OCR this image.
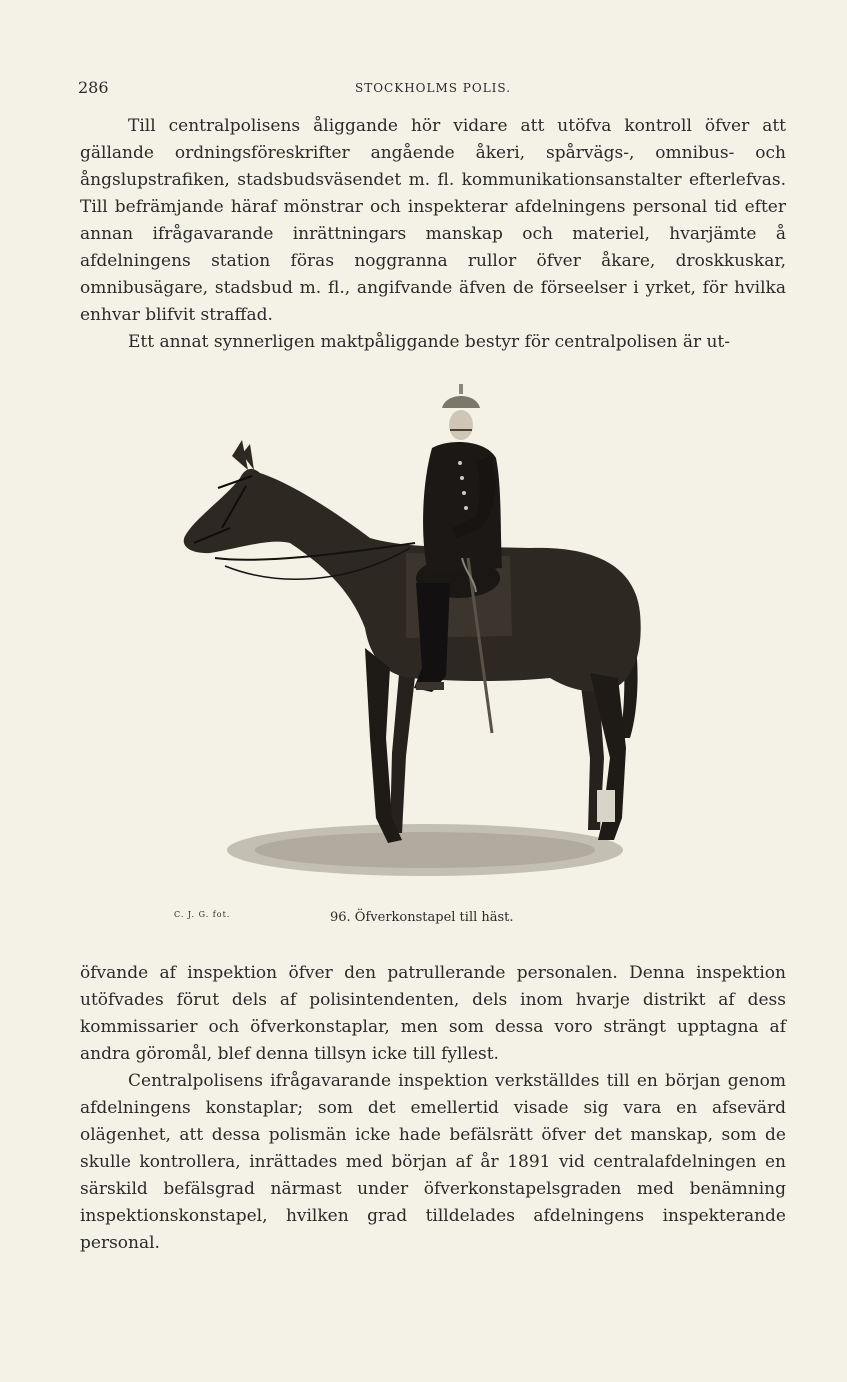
286	STOCKHOLMS POLIS.

Till centralpolisens åliggande hör vidare att utöfva kontroll öfver att gällande ordningsföreskrifter angående åkeri, spårvägs-, omnibus- och ångslupstrafiken, stadsbudsväsendet m. fl. kommunikationsanstalter efterlefvas. Till befrämjande häraf mönstrar och inspekterar afdelningens personal tid efter annan ifrågavarande inrättningars manskap och materiel, hvarjämte å afdelningens station föras noggranna rullor öfver åkare, droskkuskar, omnibusägare, stadsbud m. fl., angifvande äfven de förseelser i yrket, för hvilka enhvar blifvit straffad.

Ett annat synnerligen maktpåliggande bestyr för centralpolisen är ut-

C. J. G. fot.	96. Öfverkonstapel till häst.

öfvande af inspektion öfver den patrullerande personalen. Denna inspektion utöfvades förut dels af polisintendenten, dels inom hvarje distrikt af dess kommissarier och öfverkonstaplar, men som dessa voro strängt upptagna af andra göromål, blef denna tillsyn icke till fyllest.

Centralpolisens ifrågavarande inspektion verkställdes till en början genom afdelningens konstaplar; som det emellertid visade sig vara en afsevärd olägenhet, att dessa polismän icke hade befälsrätt öfver det manskap, som de skulle kontrollera, inrättades med början af år 1891 vid centralafdelningen en särskild befälsgrad närmast under öfverkonstapelsgraden med benämning inspektionskonstapel, hvilken grad tilldelades afdelningens inspekterande personal.
